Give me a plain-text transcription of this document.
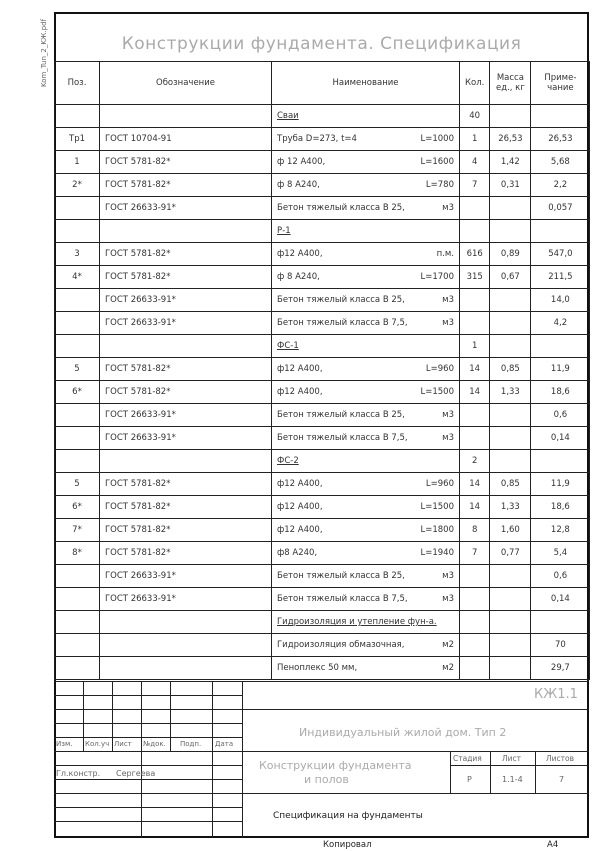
Kom_Tun_2_KЖ.pdf	Конструкции фундамента. Спецификация
Поз.	Обозначение	Наименование	Кол.	Масса ед., кг	Приме- чание

		Сваи	40		
Тр1	ГОСТ 10704-91	Труба D=273, t=4 L=1000	1	26,53	26,53
1	ГОСТ 5781-82*	ф 12 А400, L=1600	4	1,42	5,68
2*	ГОСТ 5781-82*	ф 8 А240, L=780	7	0,31	2,2
	ГОСТ 26633-91*	Бетон тяжелый класса В 25, м3			0,057

		Р-1			

3	ГОСТ 5781-82*	ф12 А400, п.м.	616	0,89	547,0
4*	ГОСТ 5781-82*	ф 8 А240, L=1700	315	0,67	211,5
	ГОСТ 26633-91*	Бетон тяжелый класса В 25, м3			14,0
	ГОСТ 26633-91*	Бетон тяжелый класса В 7,5, м3			4,2

		ФС-1	1		
5	ГОСТ 5781-82*	ф12 А400, L=960	14	0,85	11,9
6*	ГОСТ 5781-82*	ф12 А400, L=1500	14	1,33	18,6
	ГОСТ 26633-91*	Бетон тяжелый класса В 25, м3			0,6
	ГОСТ 26633-91*	Бетон тяжелый класса В 7,5, м3			0,14

		ФС-2	2		
5	ГОСТ 5781-82*	ф12 А400, L=960	14	0,85	11,9
6*	ГОСТ 5781-82*	ф12 А400, L=1500	14	1,33	18,6
7*	ГОСТ 5781-82*	ф12 А400, L=1800	8	1,60	12,8
8*	ГОСТ 5781-82*	ф8 А240, L=1940	7	0,77	5,4
	ГОСТ 26633-91*	Бетон тяжелый класса В 25, м3			0,6
	ГОСТ 26633-91*	Бетон тяжелый класса В 7,5, м3			0,14

		Гидроизоляция и утепление фун-а.			

		Гидроизоляция обмазочная, м2			70

		Пеноплекс 50 мм, м2			29,7
КЖ1.1
Индивидуальный жилой дом. Тип 2
Изм. Кол.уч Лист №док. Подп. Дата
Гл.констр. Сергеева
Конструкции фундамента
и полов
Стадия	Лист	Листов
Р	1.1-4	7
Спецификация на фундаменты
Копировал	А4
